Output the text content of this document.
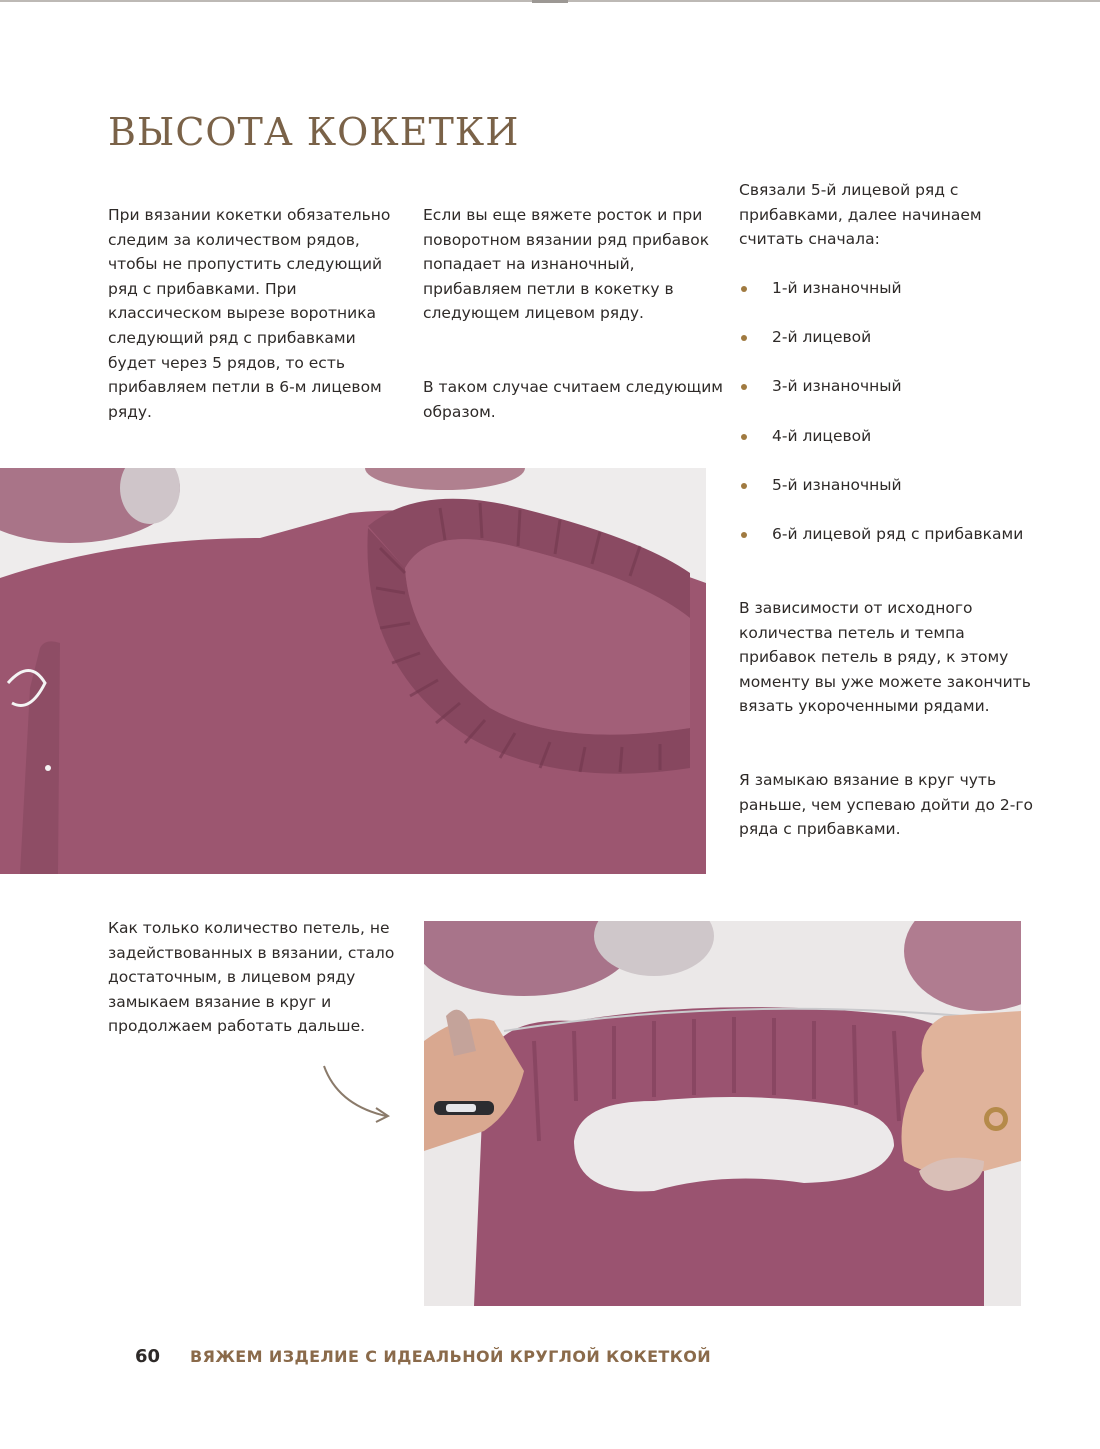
ВЫСОТА КОКЕТКИ

При вязании кокетки обязательно следим за количеством рядов, чтобы не пропустить следующий ряд с прибавками. При классическом вырезе воротника следующий ряд с прибавками будет через 5 рядов, то есть прибавляем петли в 6-м лицевом ряду.

Если вы еще вяжете росток и при поворотном вязании ряд прибавок попадает на изнаночный, прибавляем петли в кокетку в следующем лицевом ряду.

В таком случае считаем следующим образом.

Связали 5-й лицевой ряд с прибавками, далее начинаем считать сначала:

1-й изнаночный
2-й лицевой
3-й изнаночный
4-й лицевой
5-й изнаночный
6-й лицевой ряд с прибавками

В зависимости от исходного количества петель и темпа прибавок петель в ряду, к этому моменту вы уже можете закончить вязать укороченными рядами.

Я замыкаю вязание в круг чуть раньше, чем успеваю дойти до 2-го ряда с прибавками.

Как только количество петель, не задействованных в вязании, стало достаточным, в лицевом ряду замыкаем вязание в круг и продолжаем работать дальше.

60 ВЯЖЕМ ИЗДЕЛИЕ С ИДЕАЛЬНОЙ КРУГЛОЙ КОКЕТКОЙ
